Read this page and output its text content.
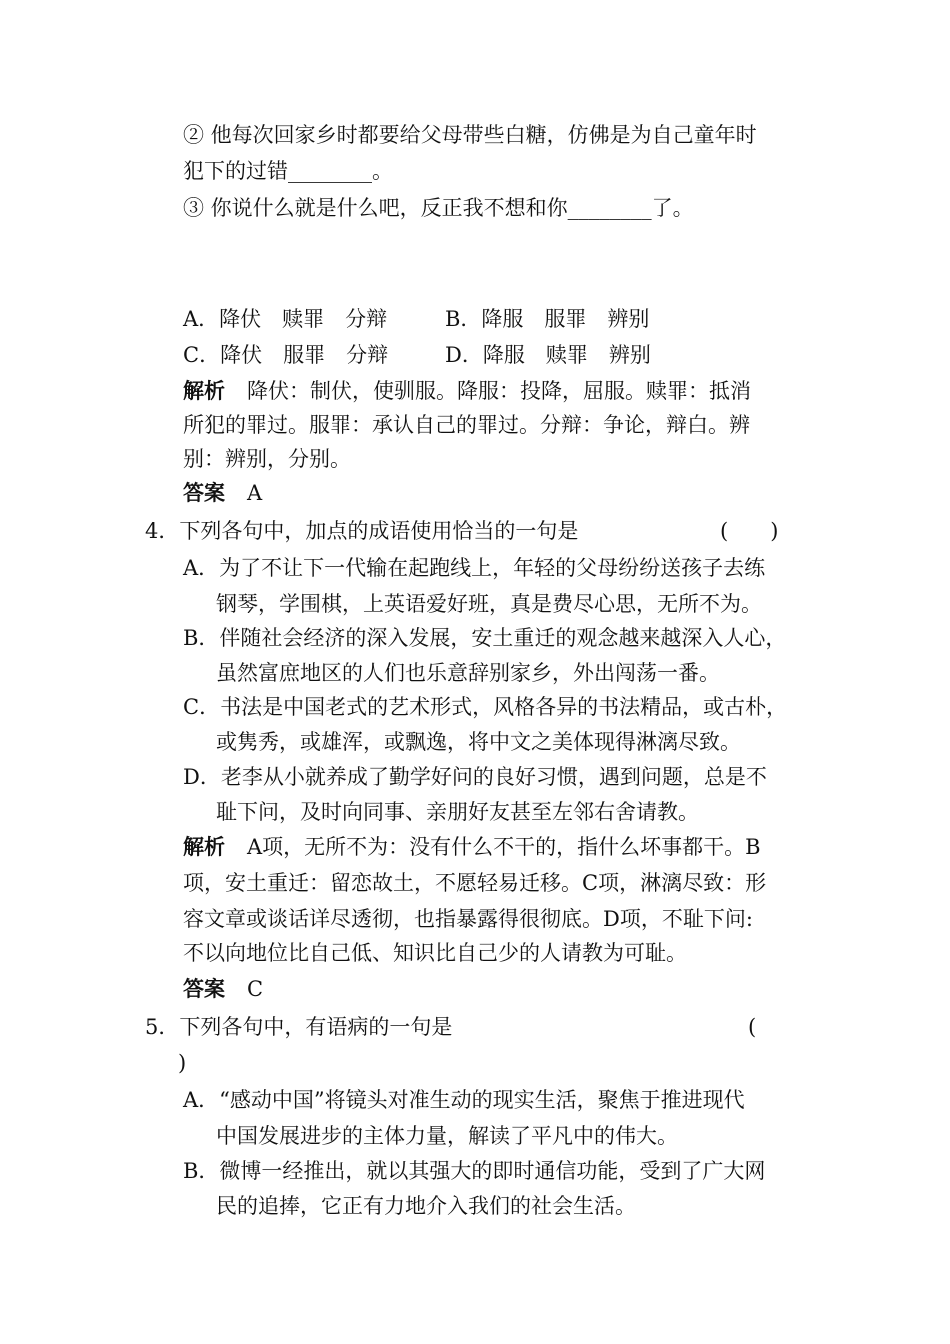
② 他每次回家乡时都要给父母带些白糖，仿佛是为自己童年时
犯下的过错________。
③ 你说什么就是什么吧，反正我不想和你________了。
A．降伏　赎罪　分辩	B．降服　服罪　辨别
C．降伏　服罪　分辩	D．降服　赎罪　辨别
解析 降伏：制伏，使驯服。降服：投降，屈服。赎罪：抵消
所犯的罪过。服罪：承认自己的罪过。分辩：争论，辩白。辨
别：辨别，分别。
答案 A
4．下列各句中，加点的成语使用恰当的一句是	(　　)
A．为了不让下一代输在起跑线上，年轻的父母纷纷送孩子去练
钢琴，学围棋，上英语爱好班，真是费尽心思，无所不为。
B．伴随社会经济的深入发展，安土重迁的观念越来越深入人心，
虽然富庶地区的人们也乐意辞别家乡，外出闯荡一番。
C．书法是中国老式的艺术形式，风格各异的书法精品，或古朴，
或隽秀，或雄浑，或飘逸，将中文之美体现得淋漓尽致。
D．老李从小就养成了勤学好问的良好习惯，遇到问题，总是不
耻下问，及时向同事、亲朋好友甚至左邻右舍请教。
解析 A项，无所不为：没有什么不干的，指什么坏事都干。B
项，安土重迁：留恋故土，不愿轻易迁移。C项，淋漓尽致：形
容文章或谈话详尽透彻，也指暴露得很彻底。D项，不耻下问:
不以向地位比自己低、知识比自己少的人请教为可耻。
答案 C
5．下列各句中，有语病的一句是	(
)
A．“感动中国”将镜头对准生动的现实生活，聚焦于推进现代
中国发展进步的主体力量，解读了平凡中的伟大。
B．微博一经推出，就以其强大的即时通信功能，受到了广大网
民的追捧，它正有力地介入我们的社会生活。
